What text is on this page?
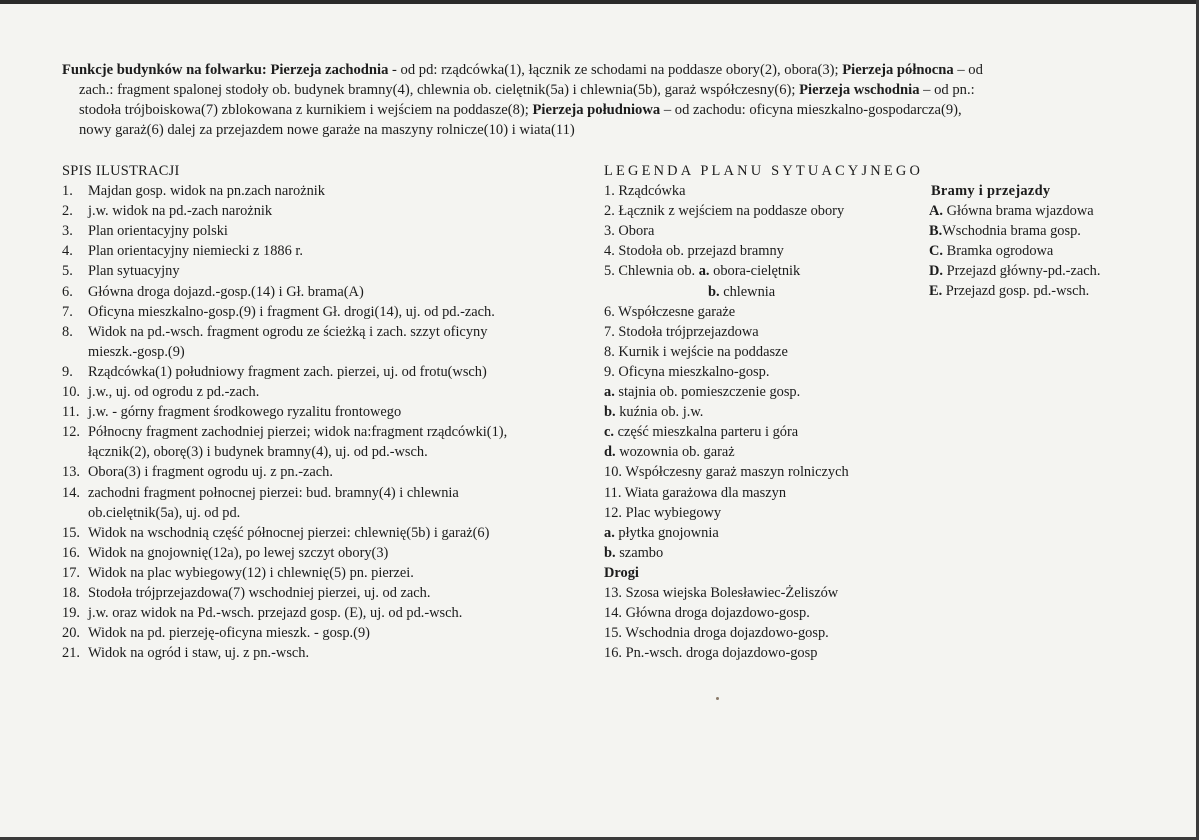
Funkcje budynków na folwarku: Pierzeja zachodnia - od pd: rządcówka(1), łącznik ze schodami na poddasze obory(2), obora(3); Pierzeja północna – od
zach.: fragment spalonej stodoły ob. budynek bramny(4), chlewnia ob. cielętnik(5a) i chlewnia(5b), garaż współczesny(6); Pierzeja wschodnia – od pn.:
stodoła trójboiskowa(7) zblokowana z kurnikiem i wejściem na poddasze(8); Pierzeja południowa – od zachodu: oficyna mieszkalno-gospodarcza(9),
nowy garaż(6) dalej za przejazdem nowe garaże na maszyny rolnicze(10) i wiata(11)
SPIS ILUSTRACJI
1. Majdan gosp. widok na pn.zach narożnik
2. j.w. widok na pd.-zach narożnik
3. Plan orientacyjny polski
4. Plan orientacyjny niemiecki z 1886 r.
5. Plan sytuacyjny
6. Główna droga dojazd.-gosp.(14) i Gł. brama(A)
7. Oficyna mieszkalno-gosp.(9) i fragment Gł. drogi(14), uj. od pd.-zach.
8. Widok na pd.-wsch. fragment ogrodu ze ścieżką i zach. szzyt oficyny
mieszk.-gosp.(9)
9. Rządcówka(1) południowy fragment zach. pierzei, uj. od frotu(wsch)
10. j.w., uj. od ogrodu z pd.-zach.
11. j.w. - górny fragment środkowego ryzalitu frontowego
12. Północny fragment zachodniej pierzei; widok na:fragment rządcówki(1),
łącznik(2), oborę(3) i budynek bramny(4), uj. od pd.-wsch.
13. Obora(3) i fragment ogrodu uj. z pn.-zach.
14. zachodni fragment połnocnej pierzei: bud. bramny(4) i chlewnia
ob.cielętnik(5a), uj. od pd.
15. Widok na wschodnią część północnej pierzei: chlewnię(5b) i garaż(6)
16. Widok na gnojownię(12a), po lewej szczyt obory(3)
17. Widok na plac wybiegowy(12) i chlewnię(5) pn. pierzei.
18. Stodoła trójprzejazdowa(7) wschodniej pierzei, uj. od zach.
19. j.w. oraz widok na Pd.-wsch. przejazd gosp. (E), uj. od pd.-wsch.
20. Widok na pd. pierzeję-oficyna mieszk. - gosp.(9)
21. Widok na ogród i staw, uj. z pn.-wsch.
LEGENDA PLANU SYTUACYJNEGO
1. Rządcówka
2. Łącznik z wejściem na poddasze obory
3. Obora
4. Stodoła ob. przejazd bramny
5. Chlewnia ob. a. obora-cielętnik
b. chlewnia
6. Współczesne garaże
7. Stodoła trójprzejazdowa
8. Kurnik i wejście na poddasze
9. Oficyna mieszkalno-gosp.
a. stajnia ob. pomieszczenie gosp.
b. kuźnia ob. j.w.
c. część mieszkalna parteru i góra
d. wozownia ob. garaż
10. Współczesny garaż maszyn rolniczych
11. Wiata garażowa dla maszyn
12. Plac wybiegowy
a. płytka gnojownia
b. szambo
Drogi
13. Szosa wiejska Bolesławiec-Żeliszów
14. Główna droga dojazdowo-gosp.
15. Wschodnia droga dojazdowo-gosp.
16. Pn.-wsch. droga dojazdowo-gosp
Bramy i przejazdy
A. Główna brama wjazdowa
B.Wschodnia brama gosp.
C. Bramka ogrodowa
D. Przejazd główny-pd.-zach.
E. Przejazd gosp. pd.-wsch.
